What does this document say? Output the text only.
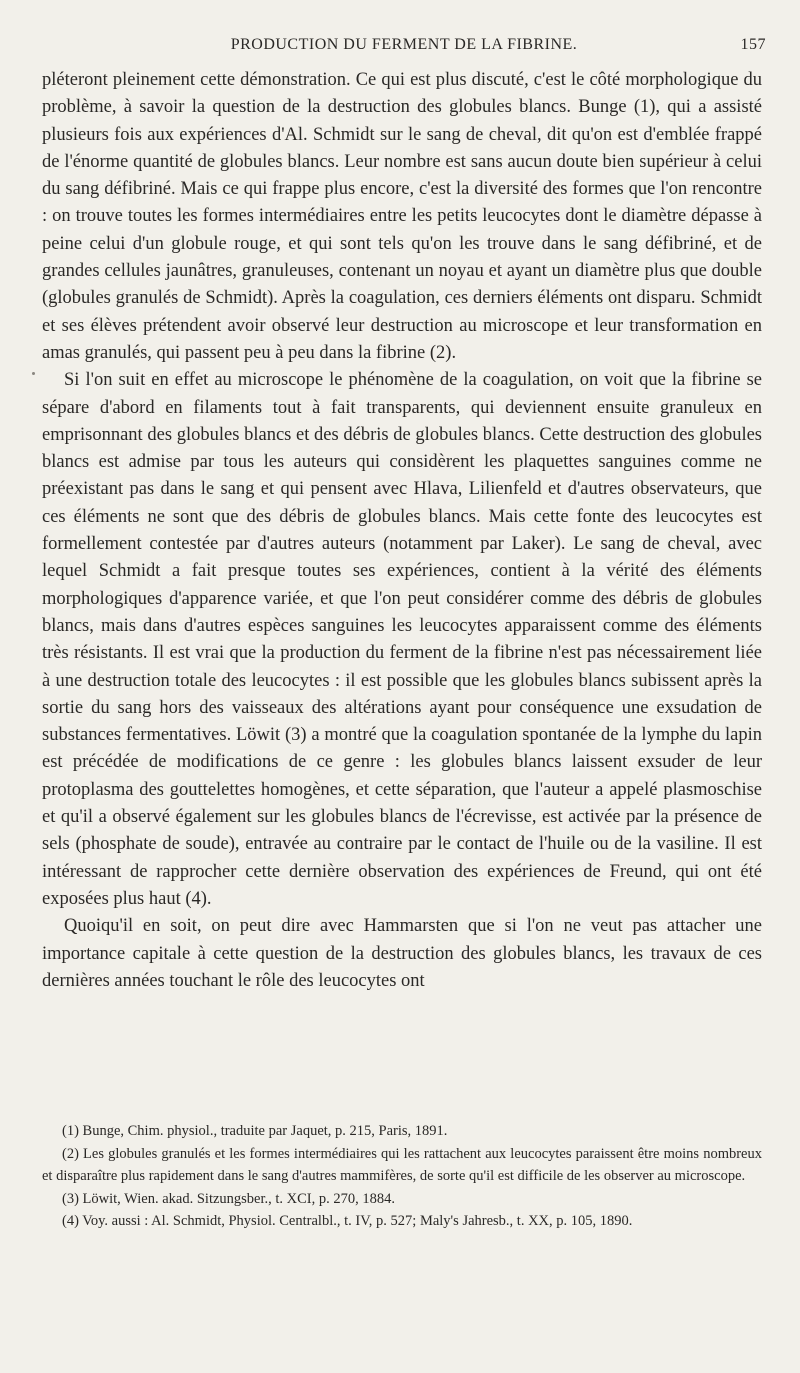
PRODUCTION DU FERMENT DE LA FIBRINE.	157

pléteront pleinement cette démonstration. Ce qui est plus discuté, c'est le côté morphologique du problème, à savoir la question de la destruction des globules blancs. Bunge (1), qui a assisté plusieurs fois aux expériences d'Al. Schmidt sur le sang de cheval, dit qu'on est d'emblée frappé de l'énorme quantité de globules blancs. Leur nombre est sans aucun doute bien supérieur à celui du sang défibriné. Mais ce qui frappe plus encore, c'est la diversité des formes que l'on rencontre : on trouve toutes les formes intermédiaires entre les petits leucocytes dont le diamètre dépasse à peine celui d'un globule rouge, et qui sont tels qu'on les trouve dans le sang défibriné, et de grandes cellules jaunâtres, granuleuses, contenant un noyau et ayant un diamètre plus que double (globules granulés de Schmidt). Après la coagulation, ces derniers éléments ont disparu. Schmidt et ses élèves prétendent avoir observé leur destruction au microscope et leur transformation en amas granulés, qui passent peu à peu dans la fibrine (2).

Si l'on suit en effet au microscope le phénomène de la coagulation, on voit que la fibrine se sépare d'abord en filaments tout à fait transparents, qui deviennent ensuite granuleux en emprisonnant des globules blancs et des débris de globules blancs. Cette destruction des globules blancs est admise par tous les auteurs qui considèrent les plaquettes sanguines comme ne préexistant pas dans le sang et qui pensent avec Hlava, Lilienfeld et d'autres observateurs, que ces éléments ne sont que des débris de globules blancs. Mais cette fonte des leucocytes est formellement contestée par d'autres auteurs (notamment par Laker). Le sang de cheval, avec lequel Schmidt a fait presque toutes ses expériences, contient à la vérité des éléments morphologiques d'apparence variée, et que l'on peut considérer comme des débris de globules blancs, mais dans d'autres espèces sanguines les leucocytes apparaissent comme des éléments très résistants. Il est vrai que la production du ferment de la fibrine n'est pas nécessairement liée à une destruction totale des leucocytes : il est possible que les globules blancs subissent après la sortie du sang hors des vaisseaux des altérations ayant pour conséquence une exsudation de substances fermentatives. Löwit (3) a montré que la coagulation spontanée de la lymphe du lapin est précédée de modifications de ce genre : les globules blancs laissent exsuder de leur protoplasma des gouttelettes homogènes, et cette séparation, que l'auteur a appelé plasmoschise et qu'il a observé également sur les globules blancs de l'écrevisse, est activée par la présence de sels (phosphate de soude), entravée au contraire par le contact de l'huile ou de la vasiline. Il est intéressant de rapprocher cette dernière observation des expériences de Freund, qui ont été exposées plus haut (4).

Quoiqu'il en soit, on peut dire avec Hammarsten que si l'on ne veut pas attacher une importance capitale à cette question de la destruction des globules blancs, les travaux de ces dernières années touchant le rôle des leucocytes ont

(1) Bunge, Chim. physiol., traduite par Jaquet, p. 215, Paris, 1891.

(2) Les globules granulés et les formes intermédiaires qui les rattachent aux leucocytes paraissent être moins nombreux et disparaître plus rapidement dans le sang d'autres mammifères, de sorte qu'il est difficile de les observer au microscope.

(3) Löwit, Wien. akad. Sitzungsber., t. XCI, p. 270, 1884.

(4) Voy. aussi : Al. Schmidt, Physiol. Centralbl., t. IV, p. 527; Maly's Jahresb., t. XX, p. 105, 1890.
